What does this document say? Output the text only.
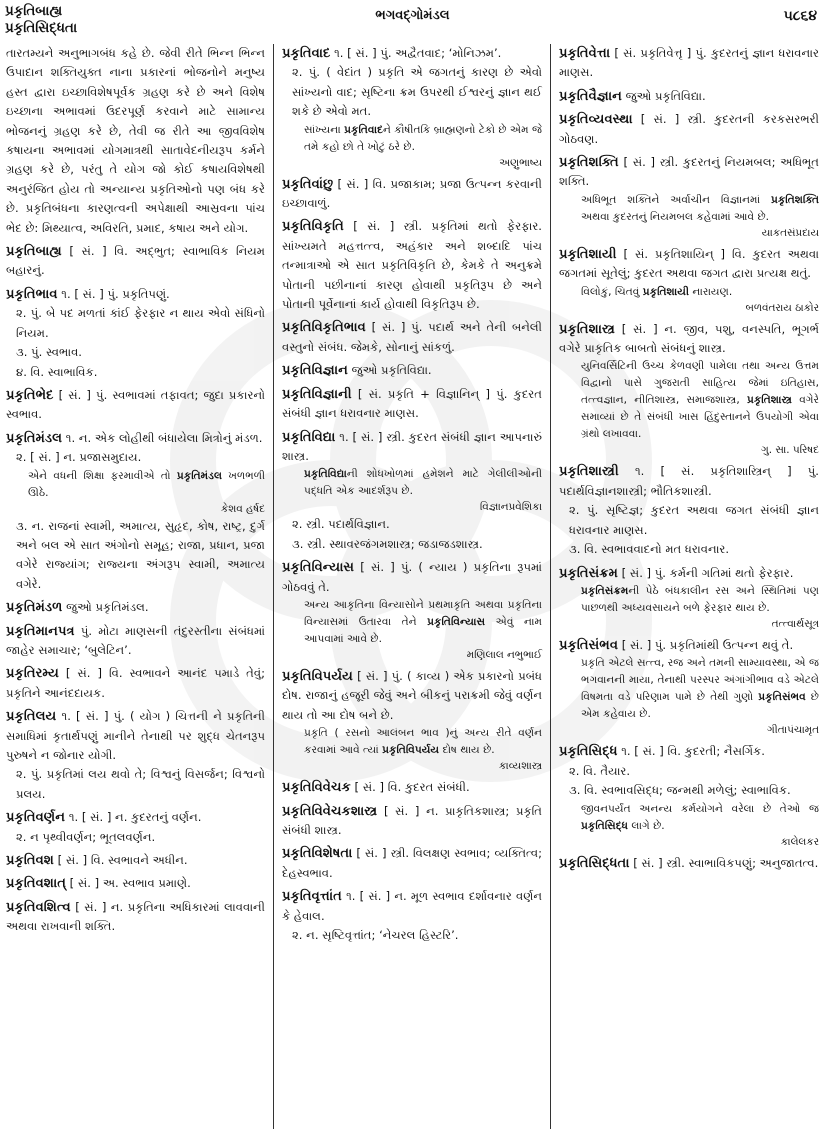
પ્રકૃતિબાહ્ય
પ્રકૃતિસિદ્ધતા
ભગવદ્ગોમંડલ	૫૮૬૪

તારતમ્યને અનુભાગબંધ કહે છે. જેવી રીતે ભિન્ન ભિન્ન ઉપાદાન શક્તિયુક્ત નાના પ્રકારનાં ભોજનોને મનુષ્ય હસ્ત દ્વારા ઇચ્છાવિશેષપૂર્વક ગ્રહણ કરે છે અને વિશેષ ઇચ્છાના અભાવમાં ઉદરપૂર્ણ કરવાને માટે સામાન્ય ભોજનનું ગ્રહણ કરે છે, તેવી જ રીતે આ જીવવિશેષ કષાયના અભાવમાં યોગમાત્રથી સાતાવેદનીયરૂપ કર્મને ગ્રહણ કરે છે, પરંતુ તે યોગ જો કોઈ કષાયવિશેષથી અનુરંજિત હોય તો અન્યાન્ય પ્રકૃતિઓનો પણ બંધ કરે છે. પ્રકૃતિબંધના કારણત્વની અપેક્ષાથી આસ્રવના પાંચ ભેદ છે: મિથ્યાત્વ, અવિરતિ, પ્રમાદ, કષાય અને યોગ.

પ્રકૃતિબાહ્ય [ સં. ] વિ. અદ્ભુત; સ્વાભાવિક નિયમ બહારનું.
પ્રકૃતિભાવ ૧. [ સં. ] પું. પ્રકૃતિપણું.
૨. પું. બે પદ મળતાં કાંઈ ફેરફાર ન થાય એવો સંધિનો નિયમ.
૩. પું. સ્વભાવ.
૪. વિ. સ્વાભાવિક.
પ્રકૃતિભેદ [ સં. ] પું. સ્વભાવમાં તફાવત; જુદા પ્રકારનો સ્વભાવ.
પ્રકૃતિમંડલ ૧. ન. એક લોહીથી બંધાયેલા મિત્રોનું મંડળ.
૨. [ સં. ] ન. પ્રજાસમુદાય.
એને વધની શિક્ષા ફરમાવીએ તો પ્રકૃતિમંડલ ખળભળી ઊઠે.
કેશવ હર્ષદ
૩. ન. રાજનાં સ્વામી, અમાત્ય, સુહૃદ, કોષ, રાષ્ટ્ર, દુર્ગ અને બલ એ સાત અંગોનો સમૂહ; રાજા, પ્રધાન, પ્રજા વગેરે રાજ્યાંગ; રાજ્યના અંગરૂપ સ્વામી, અમાત્ય વગેરે.
પ્રકૃતિમંડળ જુઓ પ્રકૃતિમંડલ.
પ્રકૃતિમાનપત્ર પું. મોટા માણસની તંદુરસ્તીના સંબંધમાં જાહેર સમાચાર; ‘બુલેટિન’.
પ્રકૃતિરમ્ય [ સં. ] વિ. સ્વભાવને આનંદ પમાડે તેવું; પ્રકૃતિને આનંદદાયક.
પ્રકૃતિલય ૧. [ સં. ] પું. ( યોગ ) ચિત્તની ને પ્રકૃતિની સમાધિમાં કૃતાર્થપણું માનીને તેનાથી પર શુદ્ધ ચેતનરૂપ પુરુષને ન જોનાર યોગી.
૨. પું. પ્રકૃતિમાં લય થવો તે; વિશ્વનું વિસર્જન; વિશ્વનો પ્રલય.
પ્રકૃતિવર્ણન ૧. [ સં. ] ન. કુદરતનું વર્ણન.
૨. ન પૃથ્વીવર્ણન; ભૂતલવર્ણન.
પ્રકૃતિવશ [ સં. ] વિ. સ્વભાવને અધીન.
પ્રકૃતિવશાત્ [ સં. ] અ. સ્વભાવ પ્રમાણે.
પ્રકૃતિવશિત્વ [ સં. ] ન. પ્રકૃતિના અધિકારમાં લાવવાની અથવા રાખવાની શક્તિ.
પ્રકૃતિવાદ ૧. [ સં. ] પું. અદ્વૈતવાદ; ‘મોનિઝમ’.
૨. પું. ( વેદાંત ) પ્રકૃતિ એ જગતનું કારણ છે એવો સાંખ્યનો વાદ; સૃષ્ટિના ક્રમ ઉપરથી ઈશ્વરનું જ્ઞાન થઈ શકે છે એવો મત.
સાંખ્યના પ્રકૃતિવાદને કૌષીતકિ બ્રાહ્મણનો ટેકો છે એમ જે તમે કહો છો તે ખોટું ઠરે છે.
અણુભાષ્ય
પ્રકૃતિવાંછુ [ સં. ] વિ. પ્રજાકામ; પ્રજા ઉત્પન્ન કરવાની ઇચ્છાવાળું.
પ્રકૃતિવિકૃતિ [ સં. ] સ્ત્રી. પ્રકૃતિમાં થતો ફેરફાર. સાંખ્યમતે મહત્તત્ત્વ, અહંકાર અને શબ્દાદિ પાંચ તન્માત્રાઓ એ સાત પ્રકૃતિવિકૃતિ છે, કેમકે તે અનુક્રમે પોતાની પછીનાનાં કારણ હોવાથી પ્રકૃતિરૂપ છે અને પોતાની પૂર્વેનાનાં કાર્ય હોવાથી વિકૃતિરૂપ છે.
પ્રકૃતિવિકૃતિભાવ [ સં. ] પું. પદાર્થ અને તેની બનેલી વસ્તુનો સંબંધ. જેમકે, સોનાનું સાંકળું.
પ્રકૃતિવિજ્ઞાન જુઓ પ્રકૃતિવિદ્યા.
પ્રકૃતિવિજ્ઞાની [ સં. પ્રકૃતિ + વિજ્ઞાનિન્ ] પું. કુદરત સંબંધી જ્ઞાન ધરાવનાર માણસ.
પ્રકૃતિવિદ્યા ૧. [ સં. ] સ્ત્રી. કુદરત સંબંધી જ્ઞાન આપનારું શાસ્ત્ર.
પ્રકૃતિવિદ્યાની શોધખોળમાં હમેશને માટે ગેલીલીઓની પદ્ધતિ એક આદર્શરૂપ છે.
વિજ્ઞાનપ્રવેશિકા
૨. સ્ત્રી. પદાર્થવિજ્ઞાન.
૩. સ્ત્રી. સ્થાવરજંગમશાસ્ત્ર; જડાજડશાસ્ત્ર.
પ્રકૃતિવિન્યાસ [ સં. ] પું. ( ન્યાય ) પ્રકૃતિના રૂપમાં ગોઠવવું તે.
અન્ય આકૃતિના વિન્યાસોને પ્રથમાકૃતિ અથવા પ્રકૃતિના વિન્યાસમાં ઉતારવા તેને પ્રકૃતિવિન્યાસ એવું નામ આપવામાં આવે છે.
મણિલાલ નભુભાઈ
પ્રકૃતિવિપર્યય [ સં. ] પું. ( કાવ્ય ) એક પ્રકારનો પ્રબંધ દોષ. રાજાનું હજૂરી જેવું અને બીકનું પરાક્રમી જેવું વર્ણન થાય તો આ દોષ બને છે.
પ્રકૃતિ ( રસનો આલંબન ભાવ )નું અન્ય રીતે વર્ણન કરવામાં આવે ત્યાં પ્રકૃતિવિપર્યય દોષ થાય છે.
કાવ્યશાસ્ત્ર
પ્રકૃતિવિવેચક [ સં. ] વિ. કુદરત સંબંધી.
પ્રકૃતિવિવેચકશાસ્ત્ર [ સં. ] ન. પ્રાકૃતિકશાસ્ત્ર; પ્રકૃતિ સંબંધી શાસ્ત્ર.
પ્રકૃતિવિશેષતા [ સં. ] સ્ત્રી. વિલક્ષણ સ્વભાવ; વ્યક્તિત્વ; દેહસ્વભાવ.
પ્રકૃતિવૃત્તાંત ૧. [ સં. ] ન. મૂળ સ્વભાવ દર્શાવનાર વર્ણન કે હેવાલ.
૨. ન. સૃષ્ટિવૃત્તાંત; ‘નેચરલ હિસ્ટરિ’.
પ્રકૃતિવેત્તા [ સં. પ્રકૃતિવેત્તૃ ] પું. કુદરતનું જ્ઞાન ધરાવનાર માણસ.
પ્રકૃતિવૈજ્ઞાન જુઓ પ્રકૃતિવિદ્યા.
પ્રકૃતિવ્યવસ્થા [ સં. ] સ્ત્રી. કુદરતની કરકસરભરી ગોઠવણ.
પ્રકૃતિશક્તિ [ સં. ] સ્ત્રી. કુદરતનું નિયમબલ; અધિભૂત શક્તિ.
અધિભૂત શક્તિને અર્વાચીન વિજ્ઞાનમાં પ્રકૃતિશક્તિ અથવા કુદરતનું નિયમબલ કહેવામાં આવે છે.
યાકતસંપ્રદાય
પ્રકૃતિશાયી [ સં. પ્રકૃતિશાયિન્ ] વિ. કુદરત અથવા જગતમાં સૂતેલું; કુદરત અથવા જગત દ્વારા પ્રત્યક્ષ થતું.
વિલોકું, ચિતવું પ્રકૃતિશાયી નારાયણ.
બળવંતરાય ઠાકોર
પ્રકૃતિશાસ્ત્ર [ સં. ] ન. જીવ, પશુ, વનસ્પતિ, ભૂગર્ભ વગેરે પ્રાકૃતિક બાબતો સંબંધનું શાસ્ત્ર.
યુનિવર્સિટિની ઉચ્ચ કેળવણી પામેલા તથા અન્ય ઉત્તમ વિદ્વાનો પાસે ગુજરાતી સાહિત્ય જેમાં ઇતિહાસ, તત્ત્વજ્ઞાન, નીતિશાસ્ત્ર, સમાજશાસ્ત્ર, પ્રકૃતિશાસ્ત્ર વગેરે સમાવ્યાં છે તે સંબંધી ખાસ હિંદુસ્તાનને ઉપયોગી એવા ગ્રંથો લખાવવા.
ગુ. સા. પરિષદ
પ્રકૃતિશાસ્ત્રી ૧. [ સં. પ્રકૃતિશાસ્ત્રિન્ ] પું. પદાર્થવિજ્ઞાનશાસ્ત્રી; ભૌતિકશાસ્ત્રી.
૨. પું. સૃષ્ટિજ્ઞ; કુદરત અથવા જગત સંબંધી જ્ઞાન ધરાવનાર માણસ.
૩. વિ. સ્વભાવવાદનો મત ધરાવનાર.
પ્રકૃતિસંક્રમ [ સં. ] પું. કર્મની ગતિમાં થતો ફેરફાર.
પ્રકૃતિસંક્રમની પેઠે બંધકાલીન રસ અને સ્થિતિમાં પણ પાછળથી અધ્યવસાયને બળે ફેરફાર થાય છે.
તત્ત્વાર્થસૂત્ર
પ્રકૃતિસંભવ [ સં. ] પું. પ્રકૃતિમાંથી ઉત્પન્ન થવું તે.
પ્રકૃતિ એટલે સત્ત્વ, રજ અને તમની સામ્યાવસ્થા, એ જ ભગવાનની માયા, તેનાથી પરસ્પર અંગાંગીભાવ વડે એટલે વિષમતા વડે પરિણામ પામે છે તેથી ગુણો પ્રકૃતિસંભવ છે એમ કહેવાય છે.
ગીતાપંચામૃત
પ્રકૃતિસિદ્ધ ૧. [ સં. ] વિ. કુદરતી; નૈસર્ગિક.
૨. વિ. તૈયાર.
૩. વિ. સ્વભાવસિદ્ધ; જન્મથી મળેલું; સ્વાભાવિક.
જીવનપર્યંત અનન્ય કર્મયોગને વરેલા છે તેઓ જ પ્રકૃતિસિદ્ધ લાગે છે.
કાલેલકર
પ્રકૃતિસિદ્ધતા [ સં. ] સ્ત્રી. સ્વાભાવિકપણું; અનુજાતત્વ.
